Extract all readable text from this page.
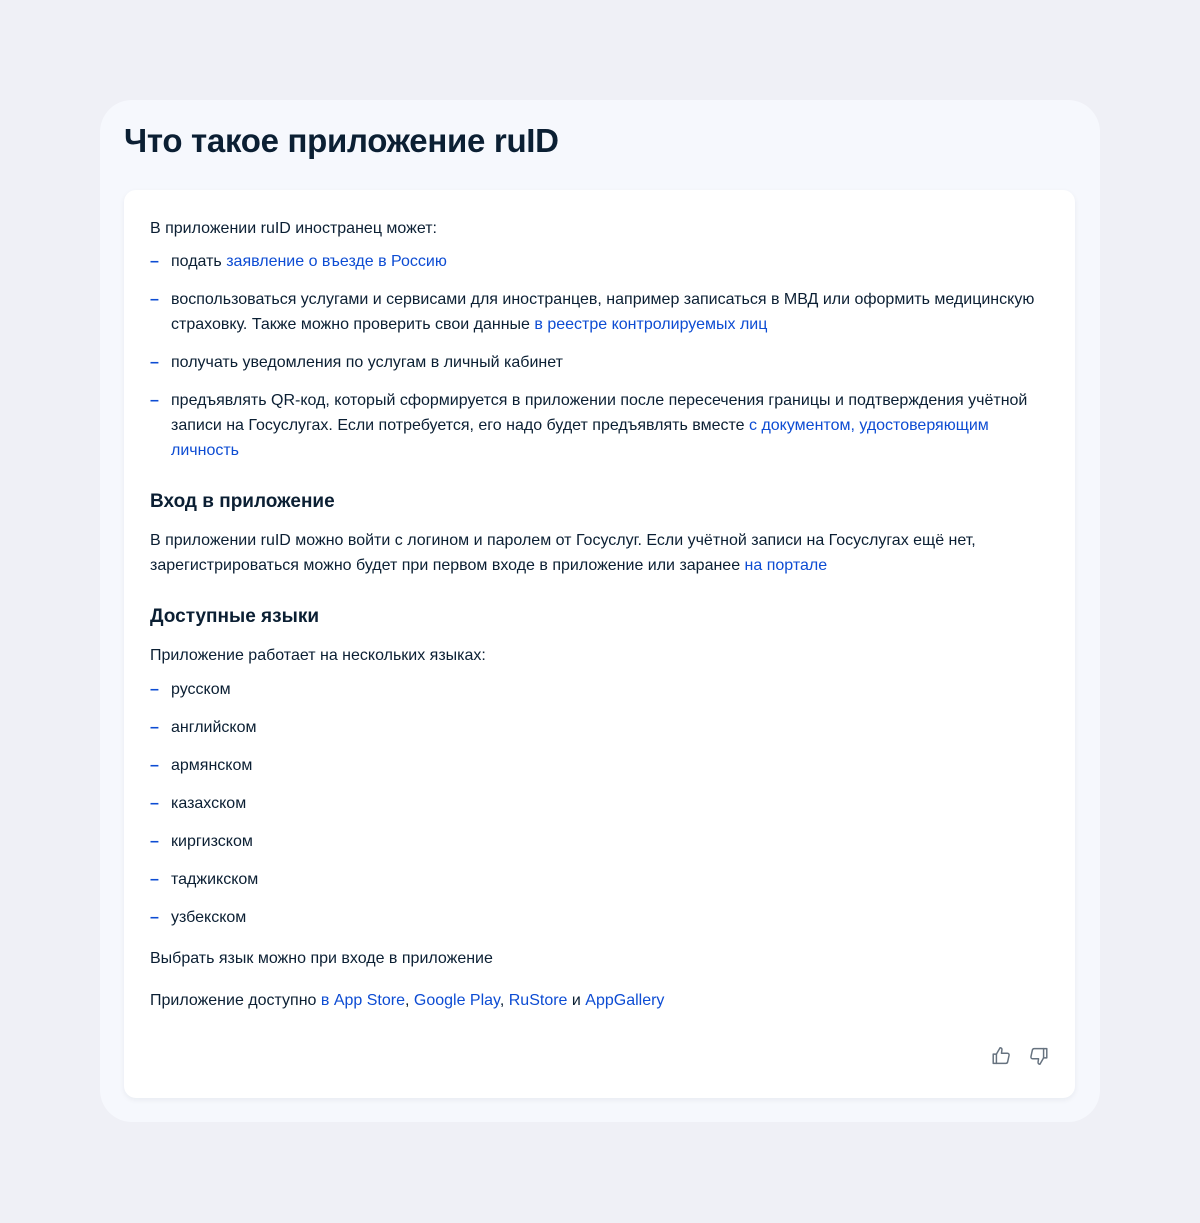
Что такое приложение ruID

В приложении ruID иностранец может:

– подать заявление о въезде в Россию
– воспользоваться услугами и сервисами для иностранцев, например записаться в МВД или оформить медицинскую страховку. Также можно проверить свои данные в реестре контролируемых лиц
– получать уведомления по услугам в личный кабинет
– предъявлять QR-код, который сформируется в приложении после пересечения границы и подтверждения учётной записи на Госуслугах. Если потребуется, его надо будет предъявлять вместе с документом, удостоверяющим личность
Вход в приложение

В приложении ruID можно войти с логином и паролем от Госуслуг. Если учётной записи на Госуслугах ещё нет, зарегистрироваться можно будет при первом входе в приложение или заранее на портале

Доступные языки

Приложение работает на нескольких языках:

– русском
– английском
– армянском
– казахском
– киргизском
– таджикском
– узбекском

Выбрать язык можно при входе в приложение

Приложение доступно в App Store, Google Play, RuStore и AppGallery
